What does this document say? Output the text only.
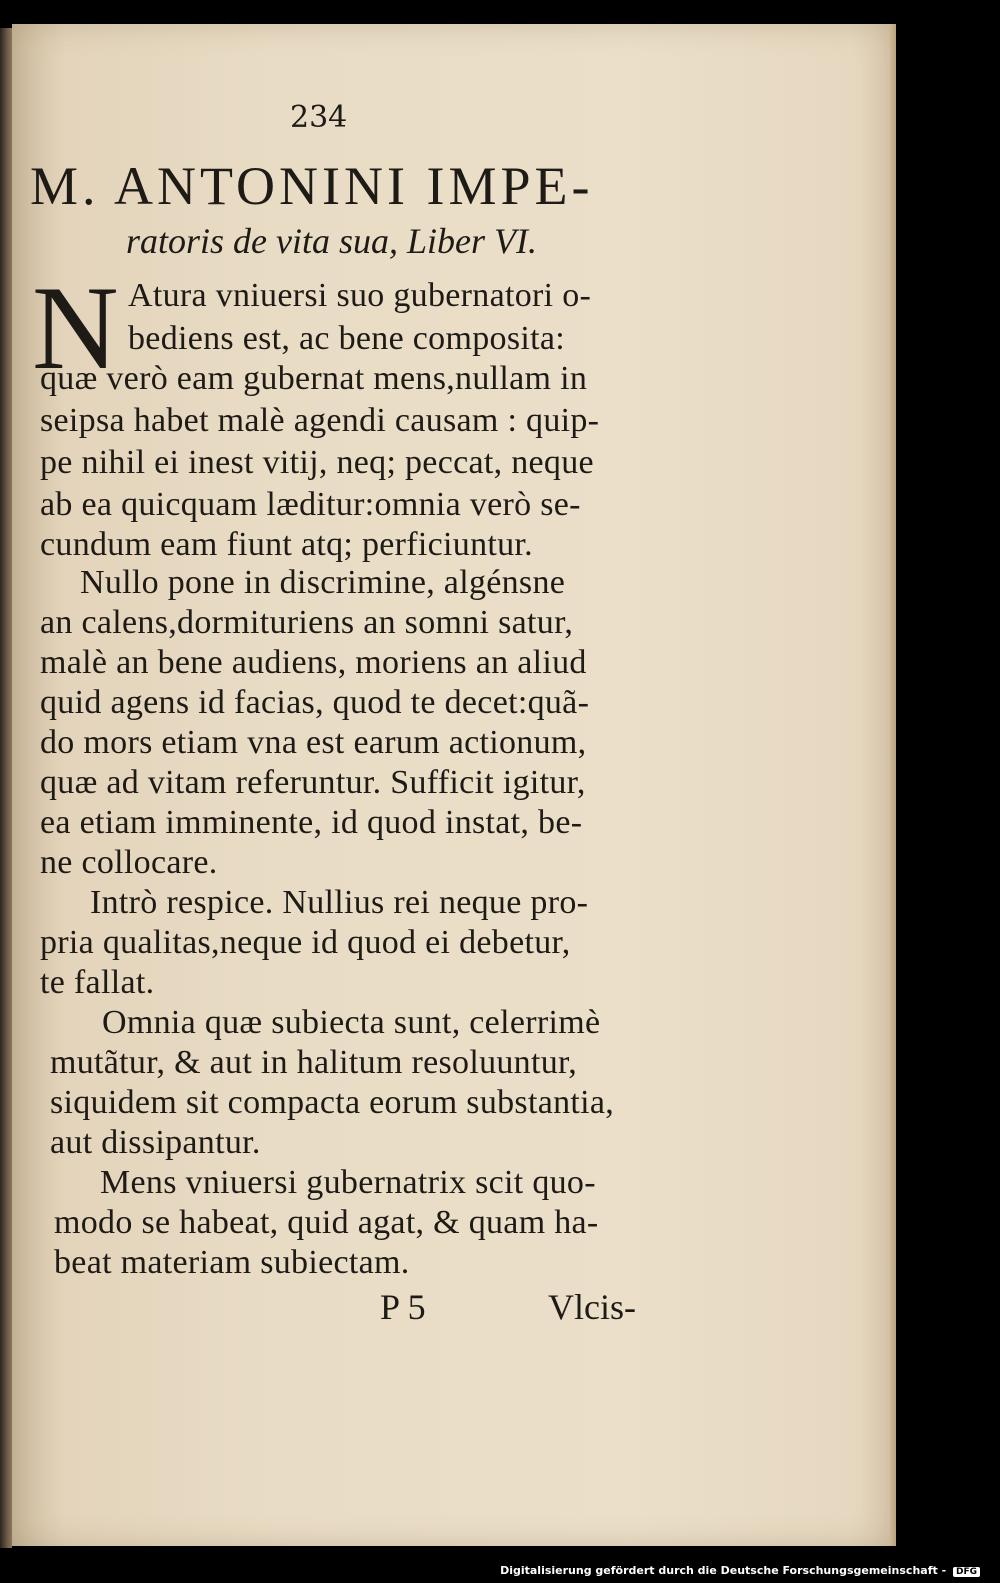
234
M. ANTONINI IMPE-
ratoris de vita sua, Liber VI.
N Atura vniuersi suo gubernatori o-
bediens est, ac bene composita:
quæ verò eam gubernat mens,nullam in
seipsa habet malè agendi causam : quip-
pe nihil ei inest vitij, neq; peccat, neque
ab ea quicquam læditur:omnia verò se-
cundum eam fiunt atq; perficiuntur.
Nullo pone in discrimine, algénsne
an calens,dormituriens an somni satur,
malè an bene audiens, moriens an aliud
quid agens id facias, quod te decet:quã-
do mors etiam vna est earum actionum,
quæ ad vitam referuntur. Sufficit igitur,
ea etiam imminente, id quod instat, be-
ne collocare.
Intrò respice. Nullius rei neque pro-
pria qualitas,neque id quod ei debetur,
te fallat.
Omnia quæ subiecta sunt, celerrimè
mutãtur, & aut in halitum resoluuntur,
siquidem sit compacta eorum substantia,
aut dissipantur.
Mens vniuersi gubernatrix scit quo-
modo se habeat, quid agat, & quam ha-
beat materiam subiectam.
P 5	Vlcis-
Digitalisierung gefördert durch die Deutsche Forschungsgemeinschaft - DFG
